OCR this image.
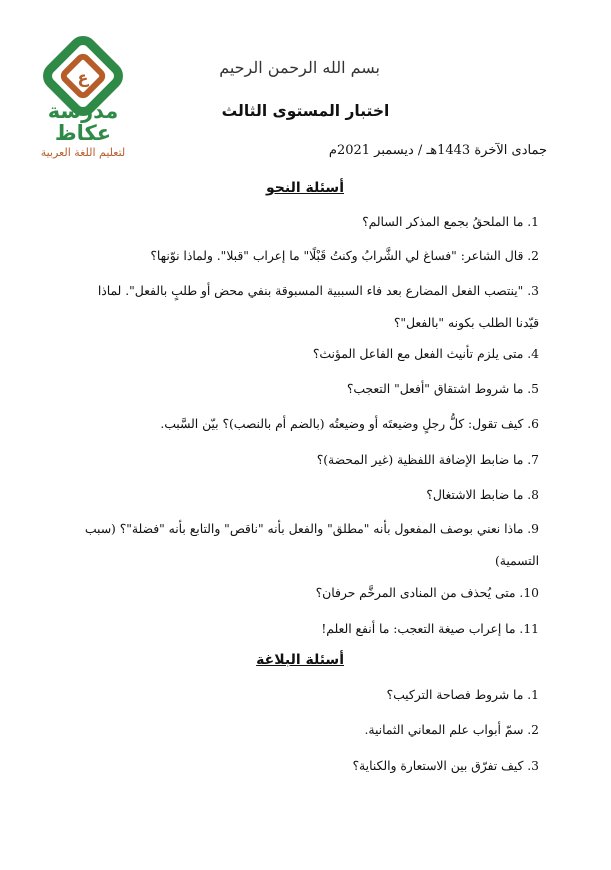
ع
مدرسة عكاظ
لتعليم اللغة العربية
بسم الله الرحمن الرحيم
اختبار المستوى الثالث
جمادى الآخرة 1443هـ / ديسمبر 2021م
أسئلة النحو
1. ما الملحقُ بجمع المذكر السالم؟
2. قال الشاعر: "فساغ لي الشَّرابُ وكنتُ قَبْلًا" ما إعراب "قبلا". ولماذا نوّنها؟
3. "ينتصب الفعل المضارع بعد فاء السببية المسبوقة بنفي محض أو طلبٍ بالفعل". لماذا قيّدنا الطلب بكونه "بالفعل"؟
4. متى يلزم تأنيث الفعل مع الفاعل المؤنث؟
5. ما شروط اشتقاق "أفعل" التعجب؟
6. كيف تقول: كلُّ رجلٍ وضيعتَه أو وضيعتُه (بالضم أم بالنصب)؟ بيّن السَّبب.
7. ما ضابط الإضافة اللفظية (غير المحضة)؟
8. ما ضابط الاشتغال؟
9. ماذا نعني بوصف المفعول بأنه "مطلق" والفعل بأنه "ناقص" والتابع بأنه "فضلة"؟ (سبب التسمية)
10. متى يُحذف من المنادى المرخَّم حرفان؟
11. ما إعراب صيغة التعجب: ما أنفع العلم!
أسئلة البلاغة
1. ما شروط فصاحة التركيب؟
2. سمّ أبواب علم المعاني الثمانية.
3. كيف تفرّق بين الاستعارة والكناية؟
